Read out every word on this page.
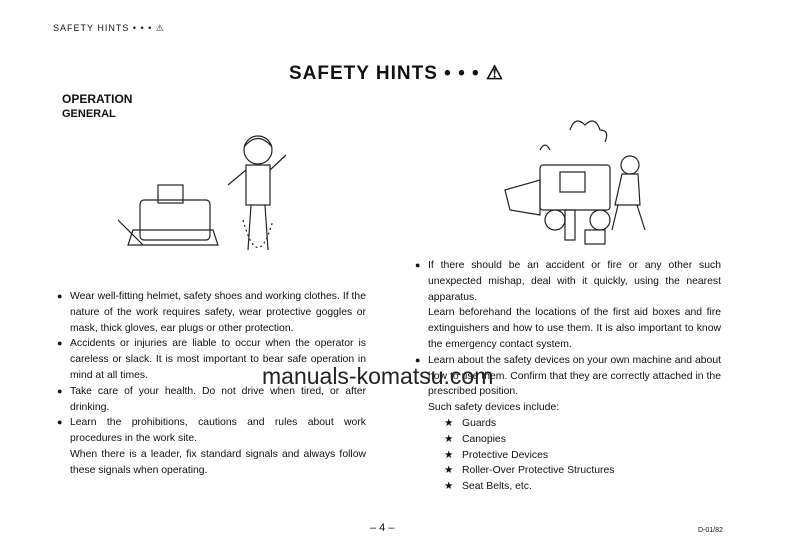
SAFETY HINTS • • • ⚠
SAFETY HINTS • • • ⚠
OPERATION
GENERAL

● Wear well-fitting helmet, safety shoes and working clothes. If the nature of the work requires safety, wear protective goggles or mask, thick gloves, ear plugs or other protection.

● Accidents or injuries are liable to occur when the operator is careless or slack. It is most important to bear safe operation in mind at all times.

● Take care of your health. Do not drive when tired, or after drinking.

● Learn the prohibitions, cautions and rules about work procedures in the work site.

When there is a leader, fix standard signals and always follow these signals when operating.

● If there should be an accident or fire or any other such unexpected mishap, deal with it quickly, using the nearest apparatus.

Learn beforehand the locations of the first aid boxes and fire extinguishers and how to use them. It is also important to know the emergency contact system.

● Learn about the safety devices on your own machine and about how to use them. Confirm that they are correctly attached in the prescribed position.

Such safety devices include:

★ Guards
★ Canopies
★ Protective Devices
★ Roller-Over Protective Structures
★ Seat Belts, etc.
manuals-komatsu.com
– 4 –	D-01/82
